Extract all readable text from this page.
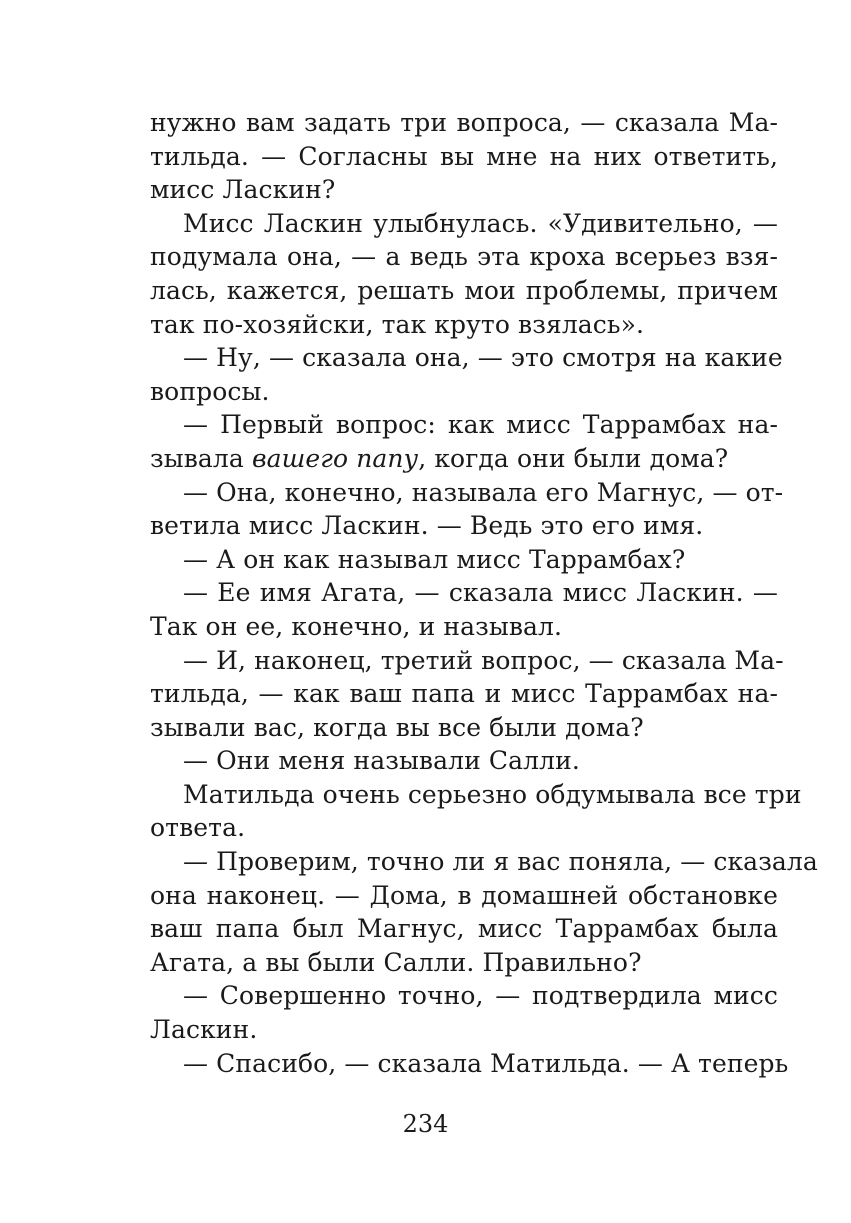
нужно вам задать три вопроса, — сказала Ма-
тильда. — Согласны вы мне на них ответить,
мисс Ласкин?
Мисс Ласкин улыбнулась. «Удивительно, —
подумала она, — а ведь эта кроха всерьез взя-
лась, кажется, решать мои проблемы, причем
так по-хозяйски, так круто взялась».
— Ну, — сказала она, — это смотря на какие
вопросы.
— Первый вопрос: как мисс Таррамбах на-
зывала вашего папу, когда они были дома?
— Она, конечно, называла его Магнус, — от-
ветила мисс Ласкин. — Ведь это его имя.
— А он как называл мисс Таррамбах?
— Ее имя Агата, — сказала мисс Ласкин. —
Так он ее, конечно, и называл.
— И, наконец, третий вопрос, — сказала Ма-
тильда, — как ваш папа и мисс Таррамбах на-
зывали вас, когда вы все были дома?
— Они меня называли Салли.
Матильда очень серьезно обдумывала все три
ответа.
— Проверим, точно ли я вас поняла, — сказала
она наконец. — Дома, в домашней обстановке
ваш папа был Магнус, мисс Таррамбах была
Агата, а вы были Салли. Правильно?
— Совершенно точно, — подтвердила мисс
Ласкин.
— Спасибо, — сказала Матильда. — А теперь
234
